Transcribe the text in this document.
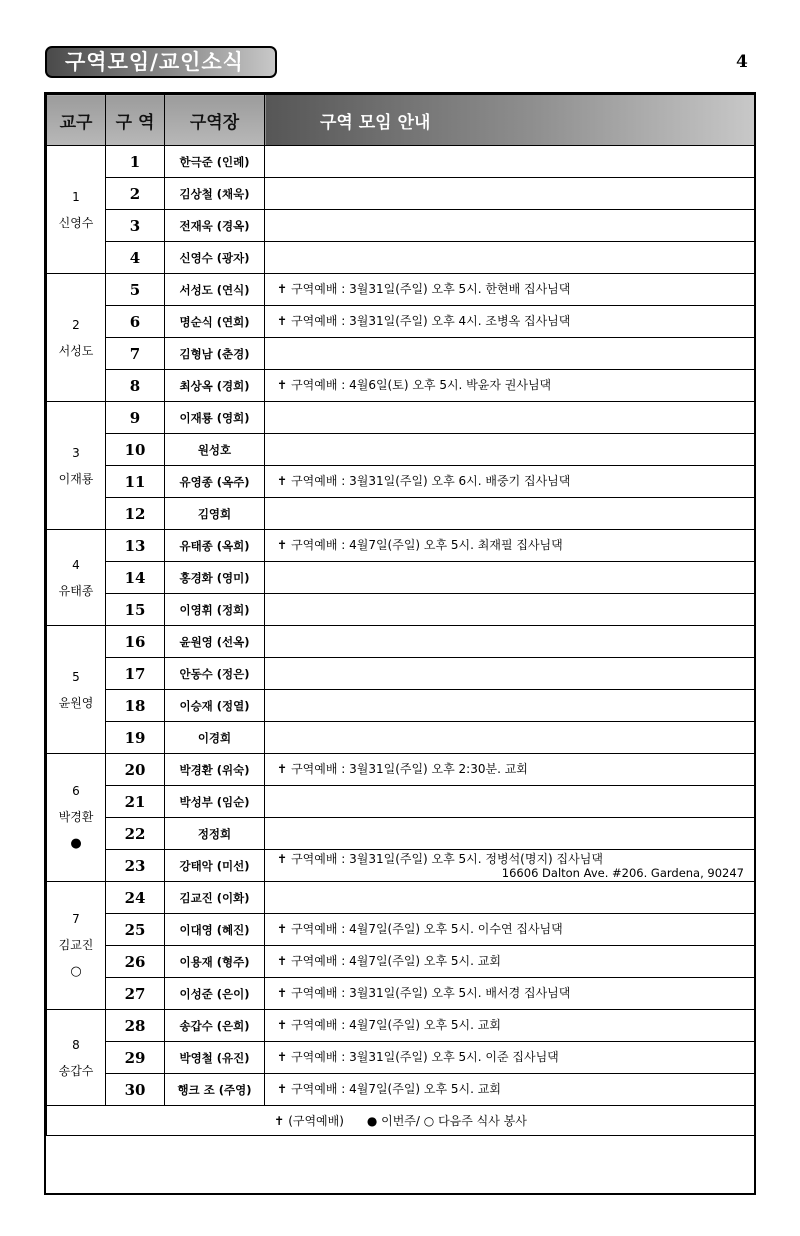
구역모임/교인소식	4
교구	구 역	구역장	구역 모임 안내
1
신영수	1	한극준 (인례)	
	2	김상철 (채욱)	
	3	전재욱 (경옥)	
	4	신영수 (광자)	
2
서성도	5	서성도 (연식)	✝ 구역예배 : 3월31일(주일) 오후 5시. 한현배 집사님댁

	6	명순식 (연희)	✝ 구역예배 : 3월31일(주일) 오후 4시. 조병옥 집사님댁

	7	김형남 (춘경)	
	8	최상옥 (경희)	✝ 구역예배 : 4월6일(토) 오후 5시. 박윤자 권사님댁

3
이재룡	9	이재룡 (영희)	
	10	원성호	
	11	유영종 (옥주)	✝ 구역예배 : 3월31일(주일) 오후 6시. 배중기 집사님댁

	12	김영희	
4
유태종	13	유태종 (옥희)	✝ 구역예배 : 4월7일(주일) 오후 5시. 최재필 집사님댁

	14	홍경화 (영미)	
	15	이영휘 (정희)	
5
윤원영	16	윤원영 (선옥)	
	17	안동수 (정은)	
	18	이승재 (정열)	
	19	이경희	
6
박경환
●	20	박경환 (위숙)	✝ 구역예배 : 3월31일(주일) 오후 2:30분. 교회

	21	박성부 (임순)	
	22	정정희	
	23	강태악 (미선)	✝ 구역예배 : 3월31일(주일) 오후 5시. 정병석(명지) 집사님댁
16606 Dalton Ave. #206. Gardena, 90247

7
김교진
○	24	김교진 (이화)	
	25	이대영 (혜진)	✝ 구역예배 : 4월7일(주일) 오후 5시. 이수연 집사님댁

	26	이용재 (형주)	✝ 구역예배 : 4월7일(주일) 오후 5시. 교회

	27	이성준 (은이)	✝ 구역예배 : 3월31일(주일) 오후 5시. 배서경 집사님댁

8
송갑수	28	송갑수 (은희)	✝ 구역예배 : 4월7일(주일) 오후 5시. 교회

	29	박영철 (유진)	✝ 구역예배 : 3월31일(주일) 오후 5시. 이준 집사님댁

	30	행크 조 (주영)	✝ 구역예배 : 4월7일(주일) 오후 5시. 교회

✝ (구역예배) ● 이번주/ ○ 다음주 식사 봉사			
